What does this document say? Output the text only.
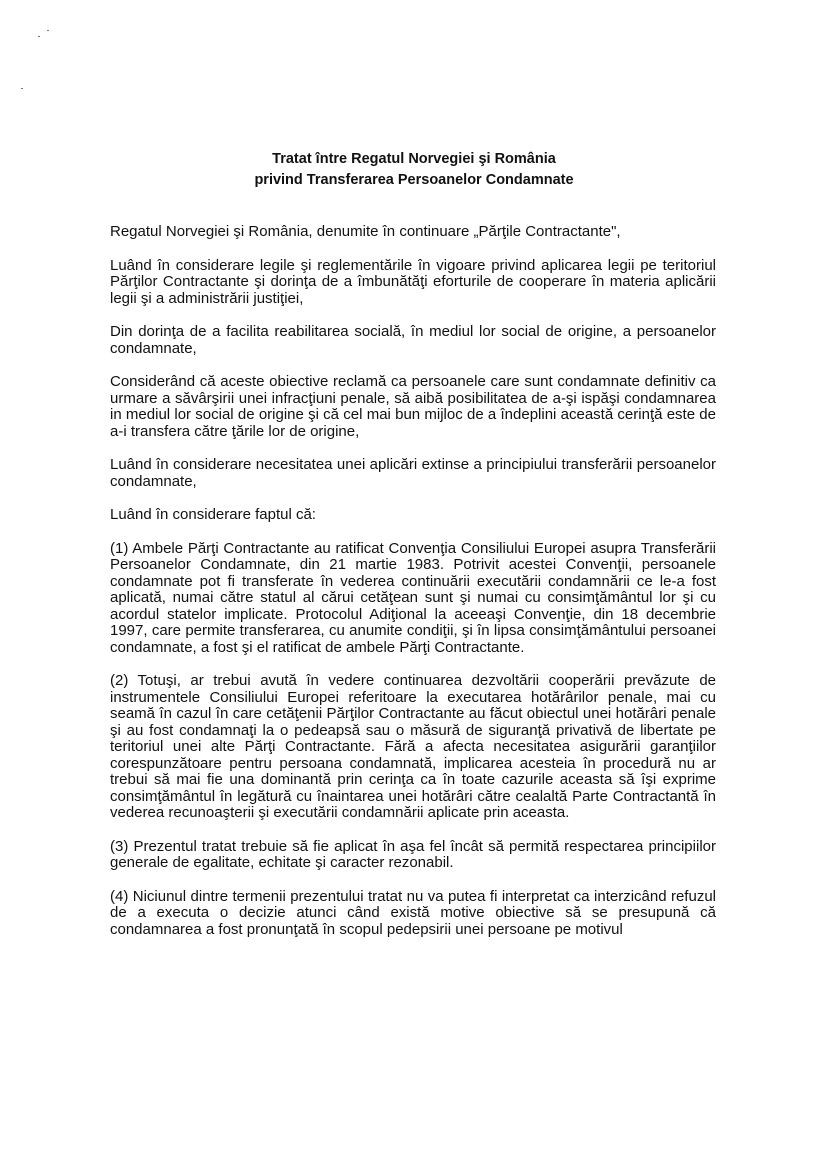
Tratat între Regatul Norvegiei şi România
privind Transferarea Persoanelor Condamnate

Regatul Norvegiei şi România, denumite în continuare „Părţile Contractante",

Luând în considerare legile şi reglementările în vigoare privind aplicarea legii pe teritoriul Părţilor Contractante şi dorinţa de a îmbunătăţi eforturile de cooperare în materia aplicării legii şi a administrării justiţiei,

Din dorinţa de a facilita reabilitarea socială, în mediul lor social de origine, a persoanelor condamnate,

Considerând că aceste obiective reclamă ca persoanele care sunt condamnate definitiv ca urmare a săvârşirii unei infracţiuni penale, să aibă posibilitatea de a-şi ispăşi condamnarea in mediul lor social de origine şi că cel mai bun mijloc de a îndeplini această cerinţă este de a-i transfera către ţările lor de origine,

Luând în considerare necesitatea unei aplicări extinse a principiului transferării persoanelor condamnate,

Luând în considerare faptul că:

(1) Ambele Părţi Contractante au ratificat Convenţia Consiliului Europei asupra Transferării Persoanelor Condamnate, din 21 martie 1983. Potrivit acestei Convenţii, persoanele condamnate pot fi transferate în vederea continuării executării condamnării ce le-a fost aplicată, numai către statul al cărui cetăţean sunt şi numai cu consimţământul lor şi cu acordul statelor implicate. Protocolul Adiţional la aceeaşi Convenţie, din 18 decembrie 1997, care permite transferarea, cu anumite condiţii, şi în lipsa consimţământului persoanei condamnate, a fost şi el ratificat de ambele Părţi Contractante.

(2) Totuşi, ar trebui avută în vedere continuarea dezvoltării cooperării prevăzute de instrumentele Consiliului Europei referitoare la executarea hotărârilor penale, mai cu seamă în cazul în care cetăţenii Părţilor Contractante au făcut obiectul unei hotărâri penale şi au fost condamnaţi la o pedeapsă sau o măsură de siguranţă privativă de libertate pe teritoriul unei alte Părţi Contractante. Fără a afecta necesitatea asigurării garanţiilor corespunzătoare pentru persoana condamnată, implicarea acesteia în procedură nu ar trebui să mai fie una dominantă prin cerinţa ca în toate cazurile aceasta să îşi exprime consimţământul în legătură cu înaintarea unei hotărâri către cealaltă Parte Contractantă în vederea recunoaşterii şi executării condamnării aplicate prin aceasta.

(3) Prezentul tratat trebuie să fie aplicat în aşa fel încât să permită respectarea principiilor generale de egalitate, echitate şi caracter rezonabil.

(4) Niciunul dintre termenii prezentului tratat nu va putea fi interpretat ca interzicând refuzul de a executa o decizie atunci când există motive obiective să se presupună că condamnarea a fost pronunţată în scopul pedepsirii unei persoane pe motivul
